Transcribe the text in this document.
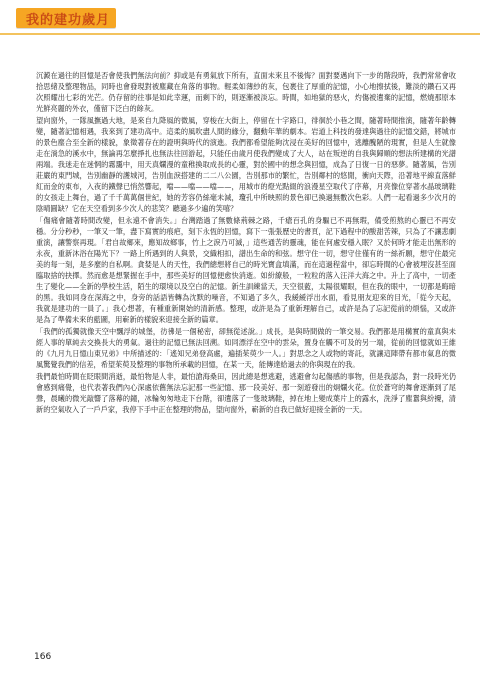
我的建功歲月

沉澱在過往的回憶是否會使我們無法向前？抑或是有勇氣放下所有，直面未來且不後悔？面對要邁向下一步的階段時，我們常常會收拾思緒及整理物品，同時也會發現對被塵藏在角落的事物。輕柔如薄紗的灰，包裹住了厚重的記憶，小心地擦拭後，難淡的鑽石又再次照耀出七彩的光芒。仍存留的往事是如此幸運，而剩下的，則逐漸被淡忘。時間，如地獄的惡火，灼傷被遺棄的記憶，燃燒那原本光鮮亮麗的外衣，僅留下泛白的餘灰。

望向窗外，一隊風撫過大地，是來自九降風的微風，穿梭在大街上，停留在十字路口，徘徊於小巷之間，隨著時間推演，隨著年齡轉變，隨著記憶相遇，我來到了建功高中。這柔的風吹盡人間的緣分，翻動年華的劇本。岩道上科技的發達與過往的記憶交錯，將城市的景色塵合至全新的樣貌，象徵著存在的證明與時代的演進。我們都希望能夠沈浸在美好的回憶中，逃離醜陋的現實，但是人生就像走在淌急的溪水中，無論再怎麼掙扎也無法往回游起，只能任由歲月使我們變成了大人，站在叛逆的自我與歸順的想法所建構的光譜兩端。我迷走在迷惘的霧靄中，用天真爛漫的童稚換取成長的心靈，對於國中的想念與回憶，成為了日復一日的惡夢。隨著風，告別莊嚴的東門城，告別幽靜的護城河，告別血淚搭建的二二八公園，告別那市的繁忙，告別鄰村的悠閒，衝向天際，沿著地平線直落鮮紅而金的東布，入夜的鐵聲已悄然響起，噹——噹——噹——，用城市的燈光點綴的浪漫星空取代了序幕，月亮像位穿著水晶玻璃鞋的女孩走上舞台，過了千千萬萬個世紀，她的芳容仍絲毫未減，瓊孔中所映照的景色卻已換過無數次色彩。人們一起看過多少次月的陰晴圓缺？它在天空看到多少次人的悲笑？聽過多少遍的笑嘻？

「傷痛會隨著時間改變，但永遠不會消失。」台灣踏過了無數條荊棘之路，千瘡百孔的身驅已不再無瑕，備受煎熬的心靈已不再安穩。分分秒秒，一筆又一筆，盡下寫實的痕疤，刻下永恆的回憶，寫下一張張歷史的書頁，記下過程中的酸甜苦辣，只為了不讓悲劇重演，讓警察再現。「君自故鄉來，應知故鄉事，竹上之淚乃可滅，」這些通苦的靈魂，能在何處安穩入眠？又於何時才能走出無形的永夜，重新沐浴在陽光下？一路上所遇到的人與景，交織相扣，譜出生命的和弦。想守住一切，想守住僅有的一絲祈願，想守住最完美的每一刻，是多麼的自私啊。貪婪是人的天性，我們總想將自己的時光寶盒填滿，而在這過程當中，卻忘時間的心會被埋沒甚至面臨取捨的抉擇。然而愈是想緊握在手中，那些美好的回憶便愈快消逝。如紛繚般，一粒粒的落入汪洋大海之中。升上了高中，一切產生了變化——全新的學校生活，陌生的環境以及空白的記憶。新生訓練當天，天空很藍，太陽很耀眼，但在我的眼中，一切都是晦暗的黑。我如同身在深海之中，身旁的話語皆轉為沈默的噪音，不知過了多久，我緩緩浮出水面，看見朋友迎來的目光，「從今天起，我就是建功的一員了。」我心想著，有種重新開始的清新感。整理，或許是為了重新理解自己，或許是為了忘記從前的煩惱，又或許是為了準備未來的藍圖，用嶄新的樣貌來迎接全新的篇章。

「我們的孤獨就像天空中飄浮的城堡，彷彿是一個秘密，卻無從述說。」成長，是與時間做的一筆交易。我們都是用構實的童真與未經人事的單純去交換長大的勇氣。過往的記憶已無法回溯。如同漂浮在空中的雲朵，置身在觸不可及的另一端，從前的回憶就如王維的《九月九日憶山東兄弟》中所描述的：「遙知兄弟登高處，遍插茱萸少一人。」對思念之人或物的寄託，就讓這陣帶有都市氣息的微風驚覺我們的信差，希望茱萸及整理的事物所承載的回憶，在某一天，能傳達給過去的你與現在的我。

我們最怕時間在眨眼間消逝，最怕物是人非，最怕滄海桑田，因此總是想逃避，逃避會勾起傷感的事物，但是我認為，對一段時光仍會感到痛覺，也代表著我們內心深處依舊無法忘記那一些記憶、那一段美好、那一刻遊發出的炯爛火花。位於蒼穹的舞會逐漸到了尾聲，晨曦的微光敲響了落幕的鐘，冰輪匆匆地走下台階，卻遺落了一隻玻璃鞋，掉在地上變成葉片上的露水，洗淨了塵囂與紛擾，清新的空氣收入了一戶戶家，我停下手中正在整理的物品，望向窗外，嶄新的自我已做好迎接全新的一天。

166
